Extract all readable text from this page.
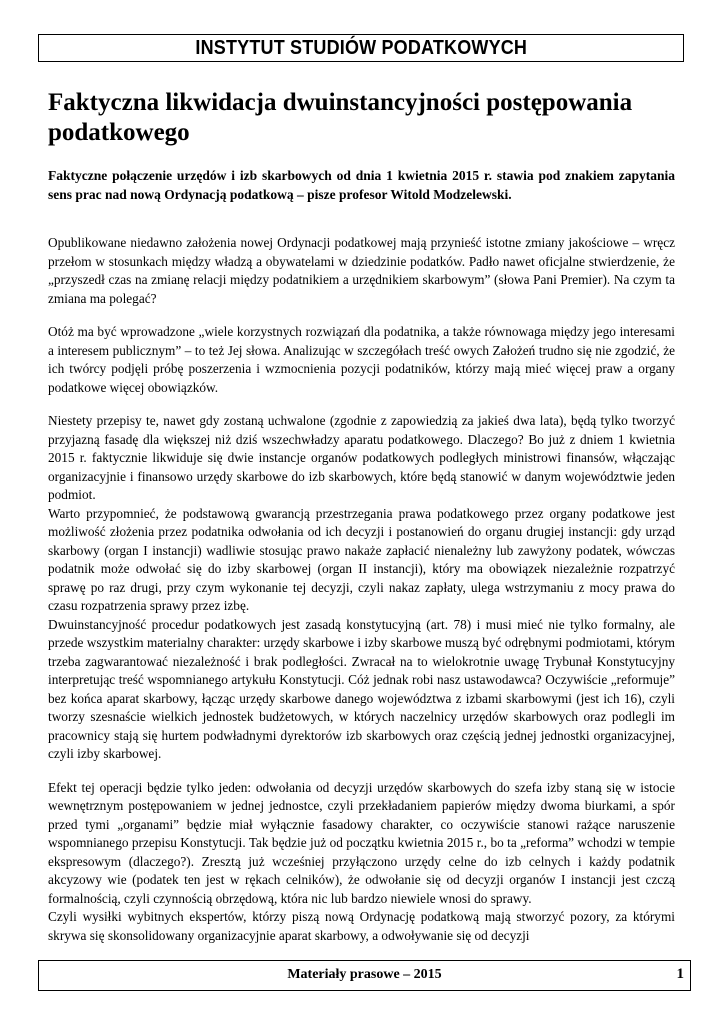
INSTYTUT STUDIÓW PODATKOWYCH
Faktyczna likwidacja dwuinstancyjności postępowania podatkowego

Faktyczne połączenie urzędów i izb skarbowych od dnia 1 kwietnia 2015 r. stawia pod znakiem zapytania sens prac nad nową Ordynacją podatkową – pisze profesor Witold Modzelewski.

Opublikowane niedawno założenia nowej Ordynacji podatkowej mają przynieść istotne zmiany jakościowe – wręcz przełom w stosunkach między władzą a obywatelami w dziedzinie podatków. Padło nawet oficjalne stwierdzenie, że „przyszedł czas na zmianę relacji między podatnikiem a urzędnikiem skarbowym” (słowa Pani Premier). Na czym ta zmiana ma polegać?

Otóż ma być wprowadzone „wiele korzystnych rozwiązań dla podatnika, a także równowaga między jego interesami a interesem publicznym” – to też Jej słowa. Analizując w szczegółach treść owych Założeń trudno się nie zgodzić, że ich twórcy podjęli próbę poszerzenia i wzmocnienia pozycji podatników, którzy mają mieć więcej praw a organy podatkowe więcej obowiązków.

Niestety przepisy te, nawet gdy zostaną uchwalone (zgodnie z zapowiedzią za jakieś dwa lata), będą tylko tworzyć przyjazną fasadę dla większej niż dziś wszechwładzy aparatu podatkowego. Dlaczego? Bo już z dniem 1 kwietnia 2015 r. faktycznie likwiduje się dwie instancje organów podatkowych podległych ministrowi finansów, włączając organizacyjnie i finansowo urzędy skarbowe do izb skarbowych, które będą stanowić w danym województwie jeden podmiot.

Warto przypomnieć, że podstawową gwarancją przestrzegania prawa podatkowego przez organy podatkowe jest możliwość złożenia przez podatnika odwołania od ich decyzji i postanowień do organu drugiej instancji: gdy urząd skarbowy (organ I instancji) wadliwie stosując prawo nakaże zapłacić nienależny lub zawyżony podatek, wówczas podatnik może odwołać się do izby skarbowej (organ II instancji), który ma obowiązek niezależnie rozpatrzyć sprawę po raz drugi, przy czym wykonanie tej decyzji, czyli nakaz zapłaty, ulega wstrzymaniu z mocy prawa do czasu rozpatrzenia sprawy przez izbę.

Dwuinstancyjność procedur podatkowych jest zasadą konstytucyjną (art. 78) i musi mieć nie tylko formalny, ale przede wszystkim materialny charakter: urzędy skarbowe i izby skarbowe muszą być odrębnymi podmiotami, którym trzeba zagwarantować niezależność i brak podległości. Zwracał na to wielokrotnie uwagę Trybunał Konstytucyjny interpretując treść wspomnianego artykułu Konstytucji. Cóż jednak robi nasz ustawodawca? Oczywiście „reformuje” bez końca aparat skarbowy, łącząc urzędy skarbowe danego województwa z izbami skarbowymi (jest ich 16), czyli tworzy szesnaście wielkich jednostek budżetowych, w których naczelnicy urzędów skarbowych oraz podlegli im pracownicy stają się hurtem podwładnymi dyrektorów izb skarbowych oraz częścią jednej jednostki organizacyjnej, czyli izby skarbowej.

Efekt tej operacji będzie tylko jeden: odwołania od decyzji urzędów skarbowych do szefa izby staną się w istocie wewnętrznym postępowaniem w jednej jednostce, czyli przekładaniem papierów między dwoma biurkami, a spór przed tymi „organami” będzie miał wyłącznie fasadowy charakter, co oczywiście stanowi rażące naruszenie wspomnianego przepisu Konstytucji. Tak będzie już od początku kwietnia 2015 r., bo ta „reforma” wchodzi w tempie ekspresowym (dlaczego?). Zresztą już wcześniej przyłączono urzędy celne do izb celnych i każdy podatnik akcyzowy wie (podatek ten jest w rękach celników), że odwołanie się od decyzji organów I instancji jest czczą formalnością, czyli czynnością obrzędową, która nic lub bardzo niewiele wnosi do sprawy.

Czyli wysiłki wybitnych ekspertów, którzy piszą nową Ordynację podatkową mają stworzyć pozory, za którymi skrywa się skonsolidowany organizacyjnie aparat skarbowy, a odwoływanie się od decyzji

Materiały prasowe – 2015	1
